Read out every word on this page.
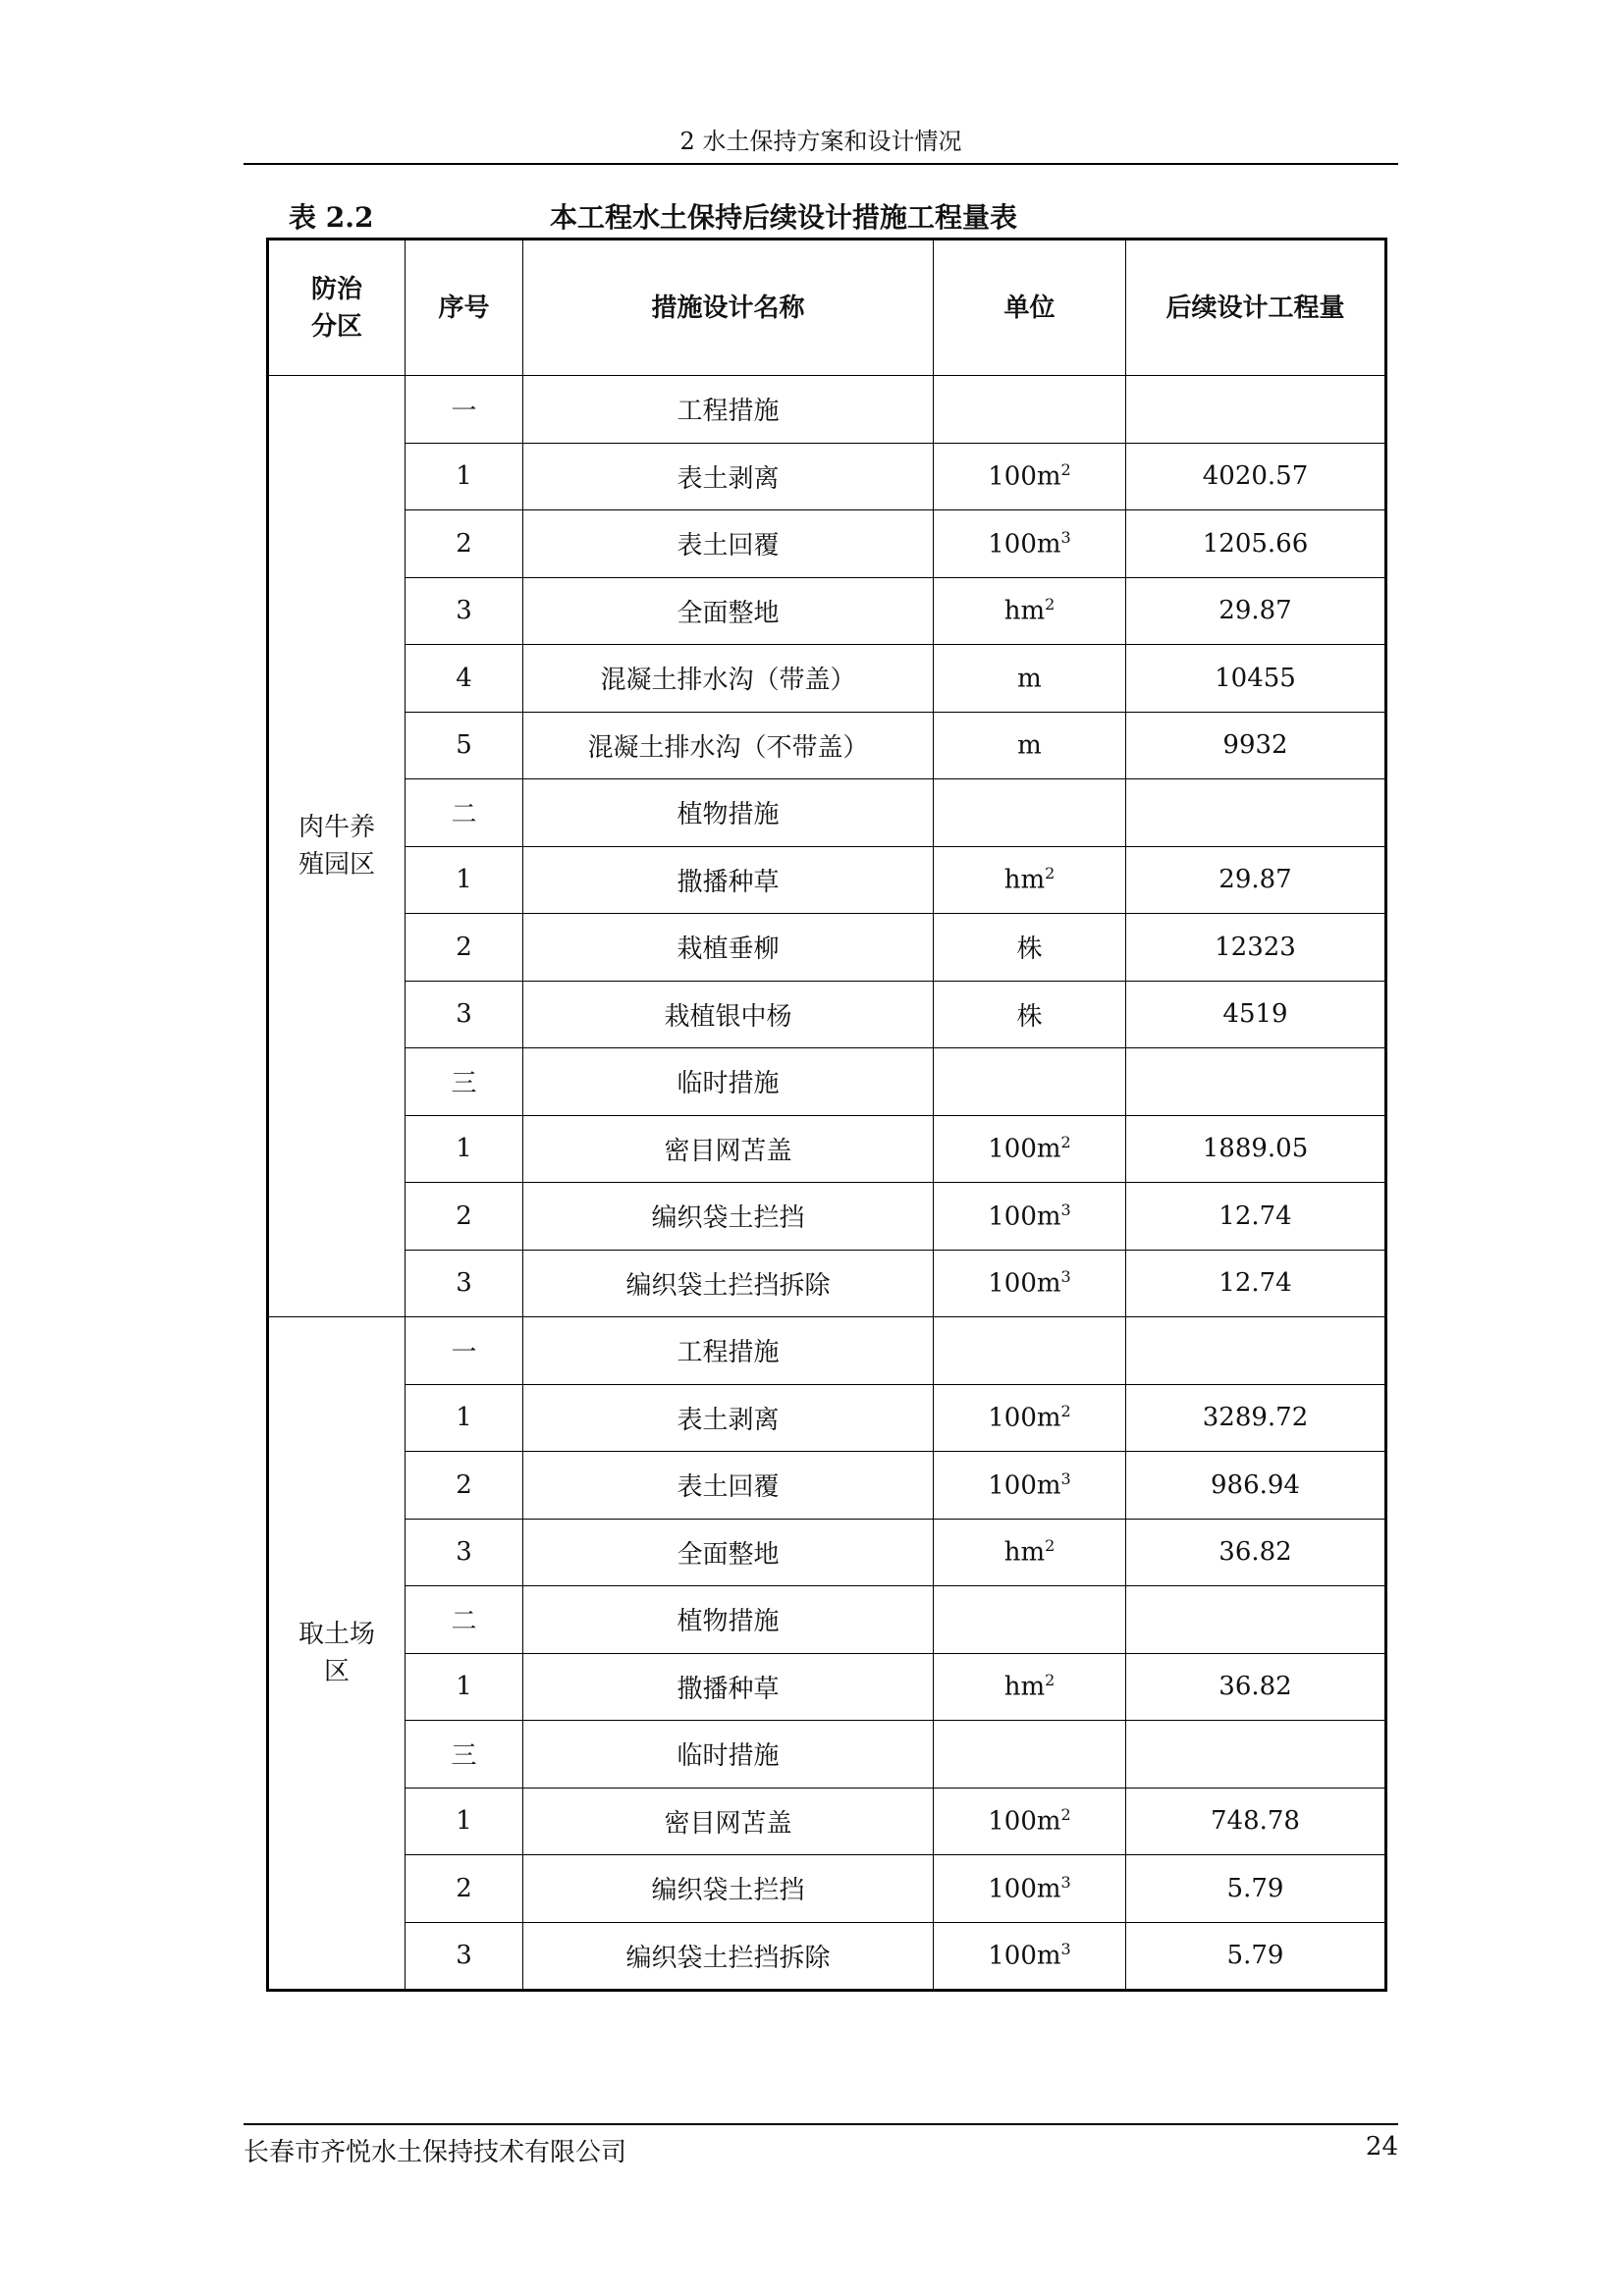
2 水土保持方案和设计情况
表 2.2	本工程水土保持后续设计措施工程量表
防治
分区	序号	措施设计名称	单位	后续设计工程量
肉牛养
殖园区	一	工程措施		
	1	表土剥离	$100m^2$	4020.57
	2	表土回覆	$100m^3$	1205.66
	3	全面整地	$hm^2$	29.87
	4	混凝土排水沟（带盖）	m	10455
	5	混凝土排水沟（不带盖）	m	9932
	二	植物措施		
	1	撒播种草	$hm^2$	29.87
	2	栽植垂柳	株	12323
	3	栽植银中杨	株	4519
	三	临时措施		
	1	密目网苫盖	$100m^2$	1889.05
	2	编织袋土拦挡	$100m^3$	12.74
	3	编织袋土拦挡拆除	$100m^3$	12.74
取土场
区	一	工程措施		
	1	表土剥离	$100m^2$	3289.72
	2	表土回覆	$100m^3$	986.94
	3	全面整地	$hm^2$	36.82
	二	植物措施		
	1	撒播种草	$hm^2$	36.82
	三	临时措施		
	1	密目网苫盖	$100m^2$	748.78
	2	编织袋土拦挡	$100m^3$	5.79
	3	编织袋土拦挡拆除	$100m^3$	5.79
长春市齐悦水土保持技术有限公司	24
